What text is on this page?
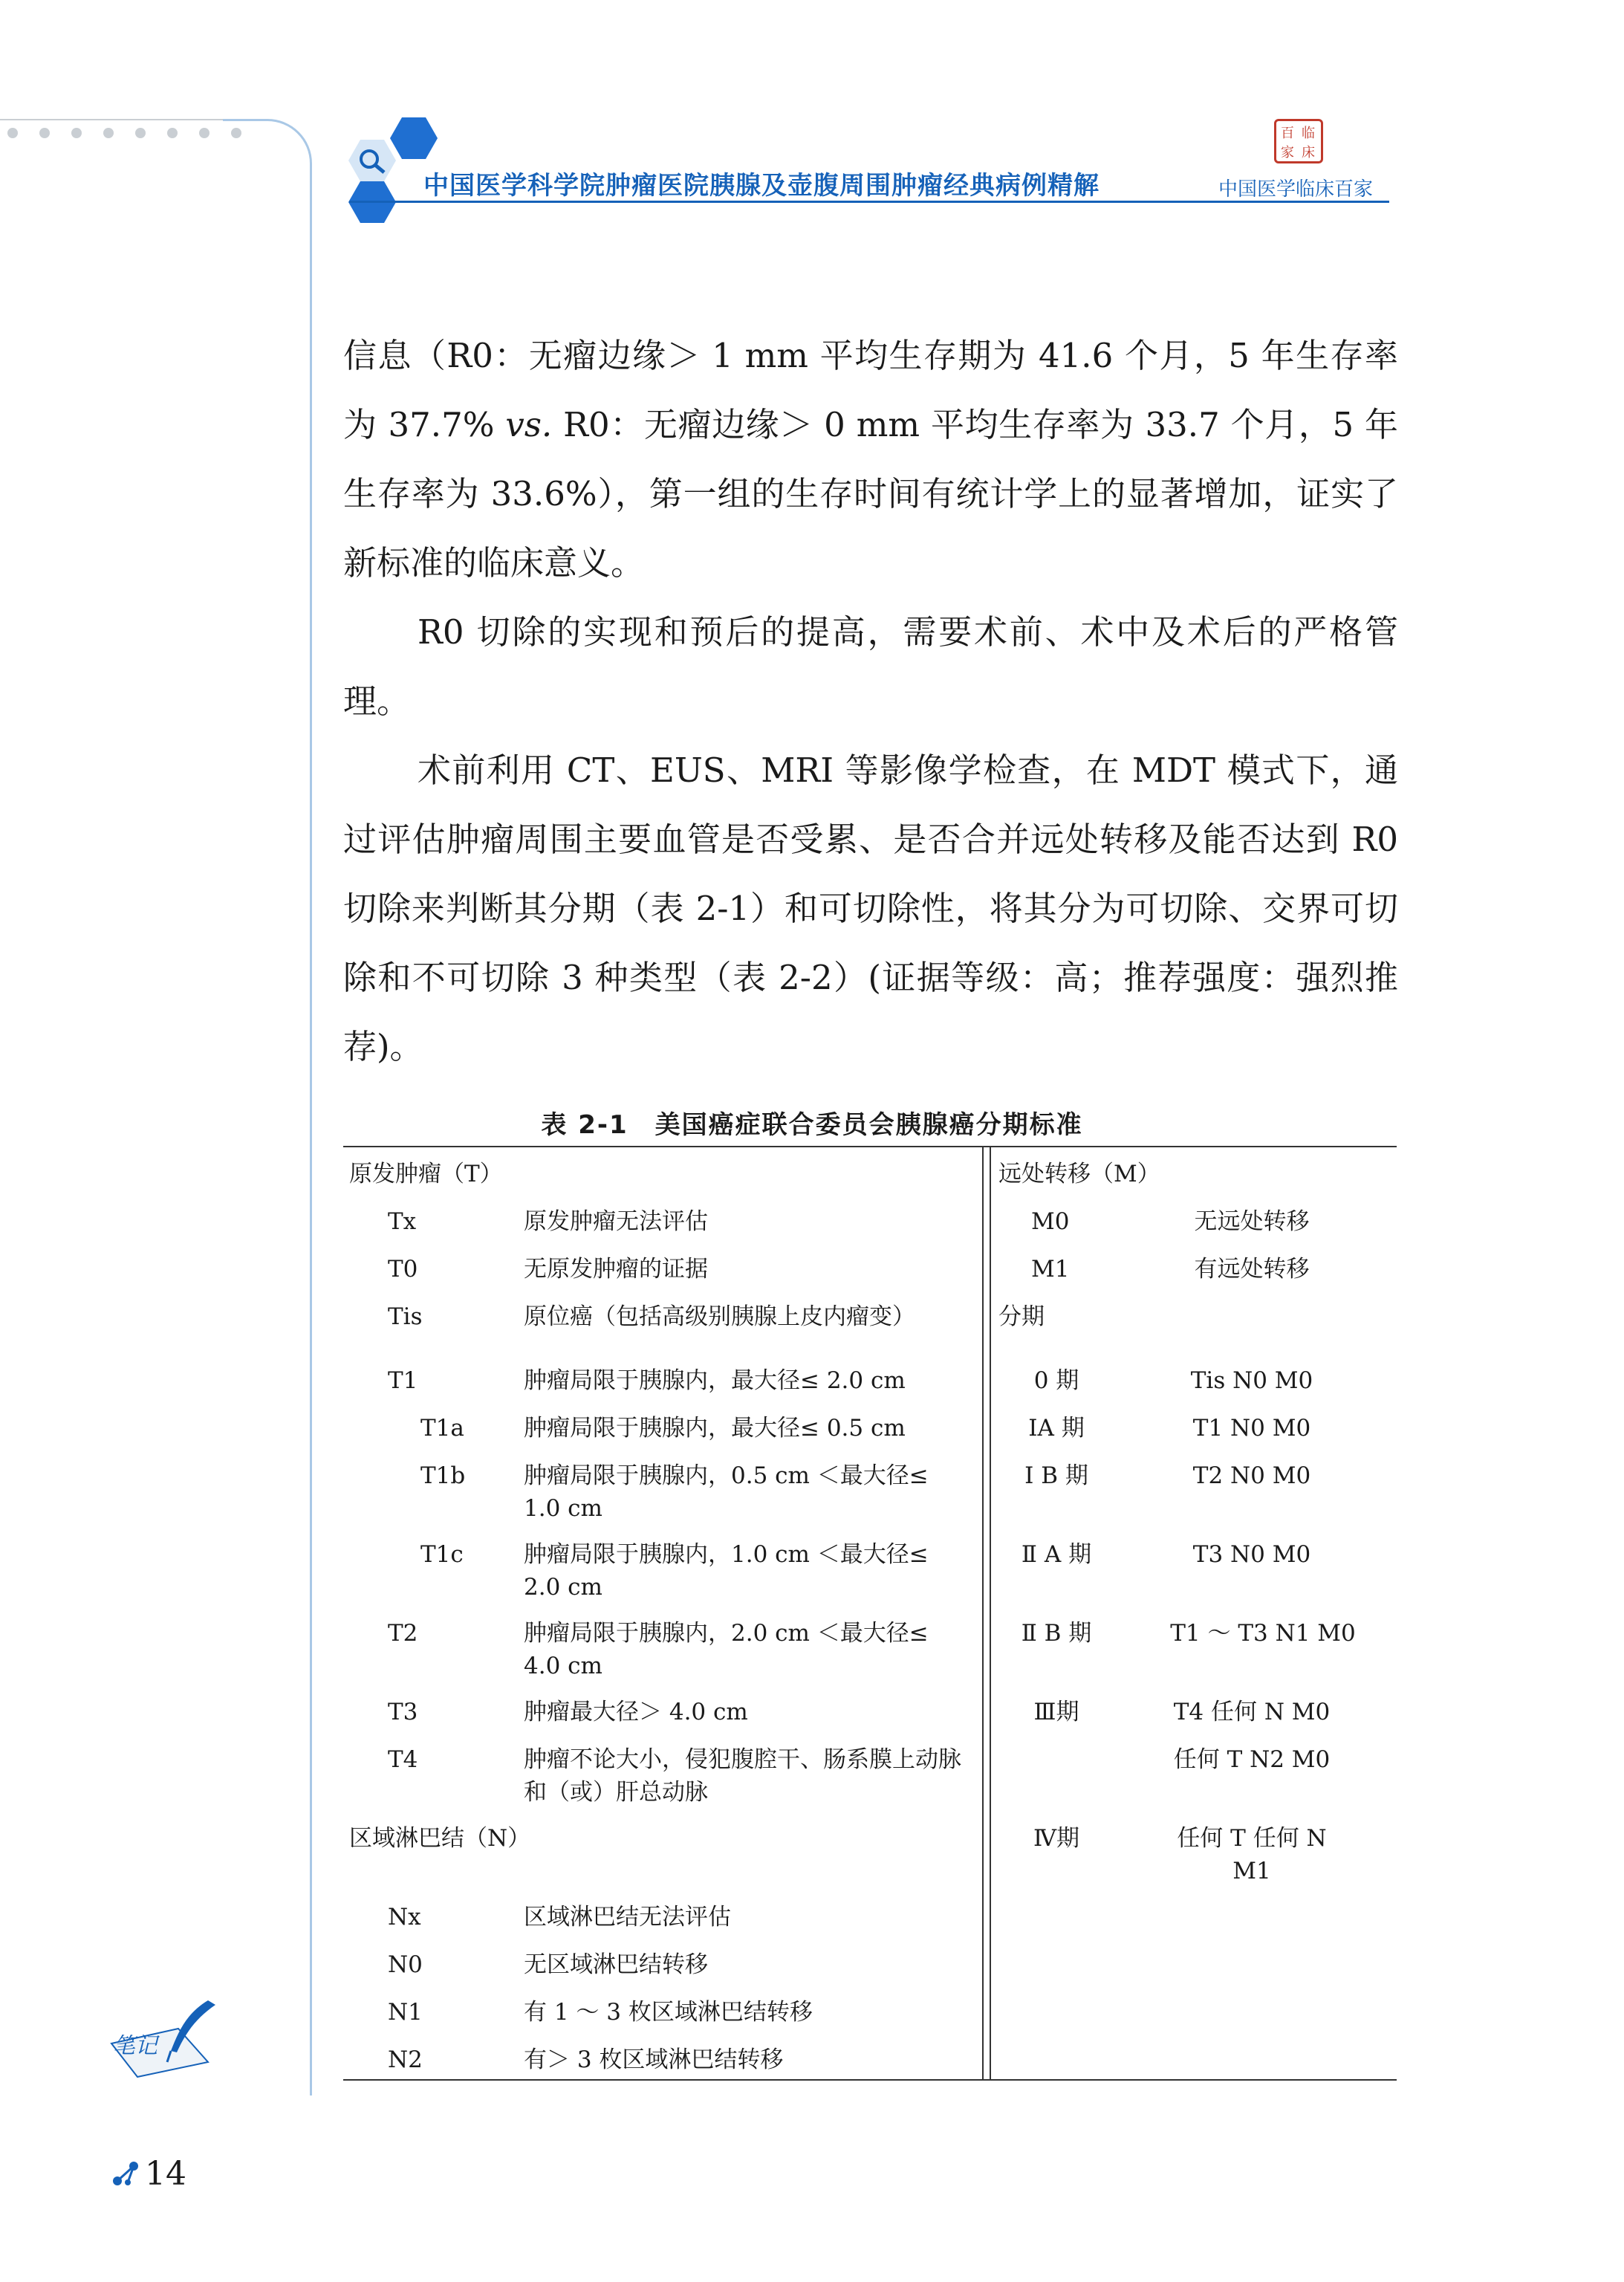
中国医学科学院肿瘤医院胰腺及壶腹周围肿瘤经典病例精解	中国医学临床百家
百 临
家 床

信息（R0：无瘤边缘＞ 1 mm 平均生存期为 41.6 个月，5 年生存率为 37.7% vs. R0：无瘤边缘＞ 0 mm 平均生存率为 33.7 个月，5 年生存率为 33.6%），第一组的生存时间有统计学上的显著增加，证实了新标准的临床意义。

R0 切除的实现和预后的提高，需要术前、术中及术后的严格管理。

术前利用 CT、EUS、MRI 等影像学检查，在 MDT 模式下，通过评估肿瘤周围主要血管是否受累、是否合并远处转移及能否达到 R0 切除来判断其分期（表 2-1）和可切除性，将其分为可切除、交界可切除和不可切除 3 种类型（表 2-2）(证据等级：高；推荐强度：强烈推荐)。

表 2-1　美国癌症联合委员会胰腺癌分期标准
原发肿瘤（T）
Tx	原发肿瘤无法评估
T0	无原发肿瘤的证据
Tis	原位癌（包括高级别胰腺上皮内瘤变）
T1	肿瘤局限于胰腺内，最大径≤ 2.0 cm
T1a	肿瘤局限于胰腺内，最大径≤ 0.5 cm
T1b	肿瘤局限于胰腺内，0.5 cm ＜最大径≤ 1.0 cm
T1c	肿瘤局限于胰腺内，1.0 cm ＜最大径≤ 2.0 cm
T2	肿瘤局限于胰腺内，2.0 cm ＜最大径≤ 4.0 cm
T3	肿瘤最大径＞ 4.0 cm
T4	肿瘤不论大小，侵犯腹腔干、肠系膜上动脉和（或）肝总动脉
区域淋巴结（N）
Nx	区域淋巴结无法评估
N0	无区域淋巴结转移
N1	有 1 ～ 3 枚区域淋巴结转移
N2	有＞ 3 枚区域淋巴结转移
远处转移（M）
M0	无远处转移
M1	有远处转移
分期
0 期	Tis N0 M0
IA 期	T1 N0 M0
Ⅰ B 期	T2 N0 M0
Ⅱ A 期	T3 N0 M0
Ⅱ B 期	T1 ～ T3 N1 M0
Ⅲ期	T4 任何 N M0
任何 T N2 M0
Ⅳ期	任何 T 任何 N M1
笔记
14
